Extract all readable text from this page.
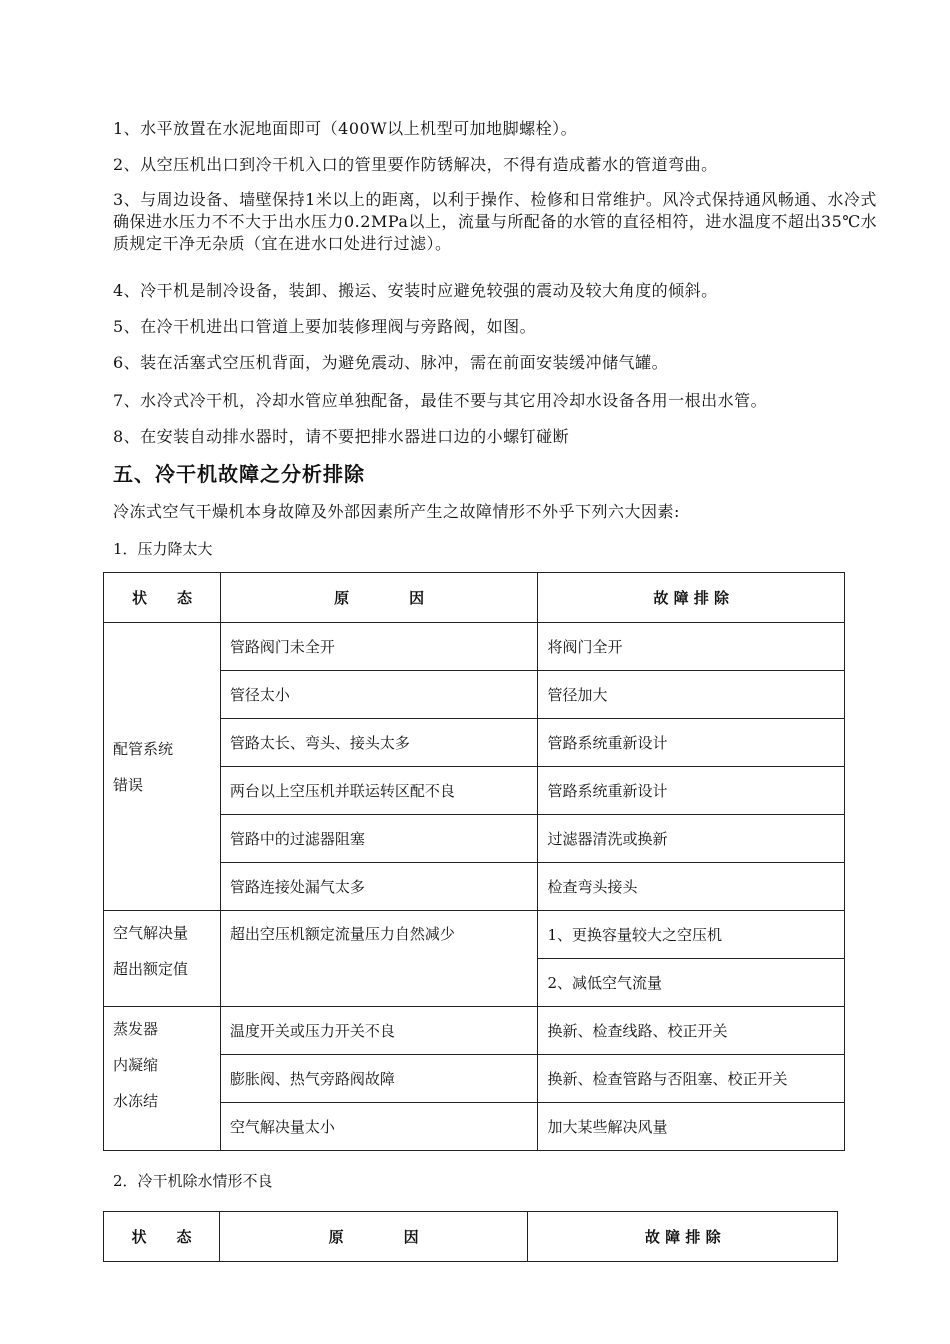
1、水平放置在水泥地面即可（400W以上机型可加地脚螺栓）。

2、从空压机出口到冷干机入口的管里要作防锈解决，不得有造成蓄水的管道弯曲。

3、与周边设备、墙壁保持1米以上的距离，以利于操作、检修和日常维护。风冷式保持通风畅通、水冷式确保进水压力不不大于出水压力0.2MPa以上，流量与所配备的水管的直径相符，进水温度不超出35℃水质规定干净无杂质（宜在进水口处进行过滤）。

4、冷干机是制冷设备，装卸、搬运、安装时应避免较强的震动及较大角度的倾斜。

5、在冷干机进出口管道上要加装修理阀与旁路阀，如图。

6、装在活塞式空压机背面，为避免震动、脉冲，需在前面安装缓冲储气罐。

7、水冷式冷干机，冷却水管应单独配备，最佳不要与其它用冷却水设备各用一根出水管。

8、在安装自动排水器时，请不要把排水器进口边的小螺钉碰断

五、冷干机故障之分析排除

冷冻式空气干燥机本身故障及外部因素所产生之故障情形不外乎下列六大因素:

1．压力降太大

状　　态	原　　　　因	故 障 排 除

配管系统
错误	管路阀门未全开	将阀门全开
	管径太小	管径加大
	管路太长、弯头、接头太多	管路系统重新设计
	两台以上空压机并联运转区配不良	管路系统重新设计
	管路中的过滤器阻塞	过滤器清洗或换新
	管路连接处漏气太多	检查弯头接头

空气解决量
超出额定值	超出空压机额定流量压力自然减少	1、更换容量较大之空压机
		2、减低空气流量

蒸发器
内凝缩
水冻结	温度开关或压力开关不良	换新、检查线路、校正开关
	膨胀阀、热气旁路阀故障	换新、检查管路与否阻塞、校正开关
	空气解决量太小	加大某些解决风量

2．冷干机除水情形不良

状　　态	原　　　　因	故 障 排 除
